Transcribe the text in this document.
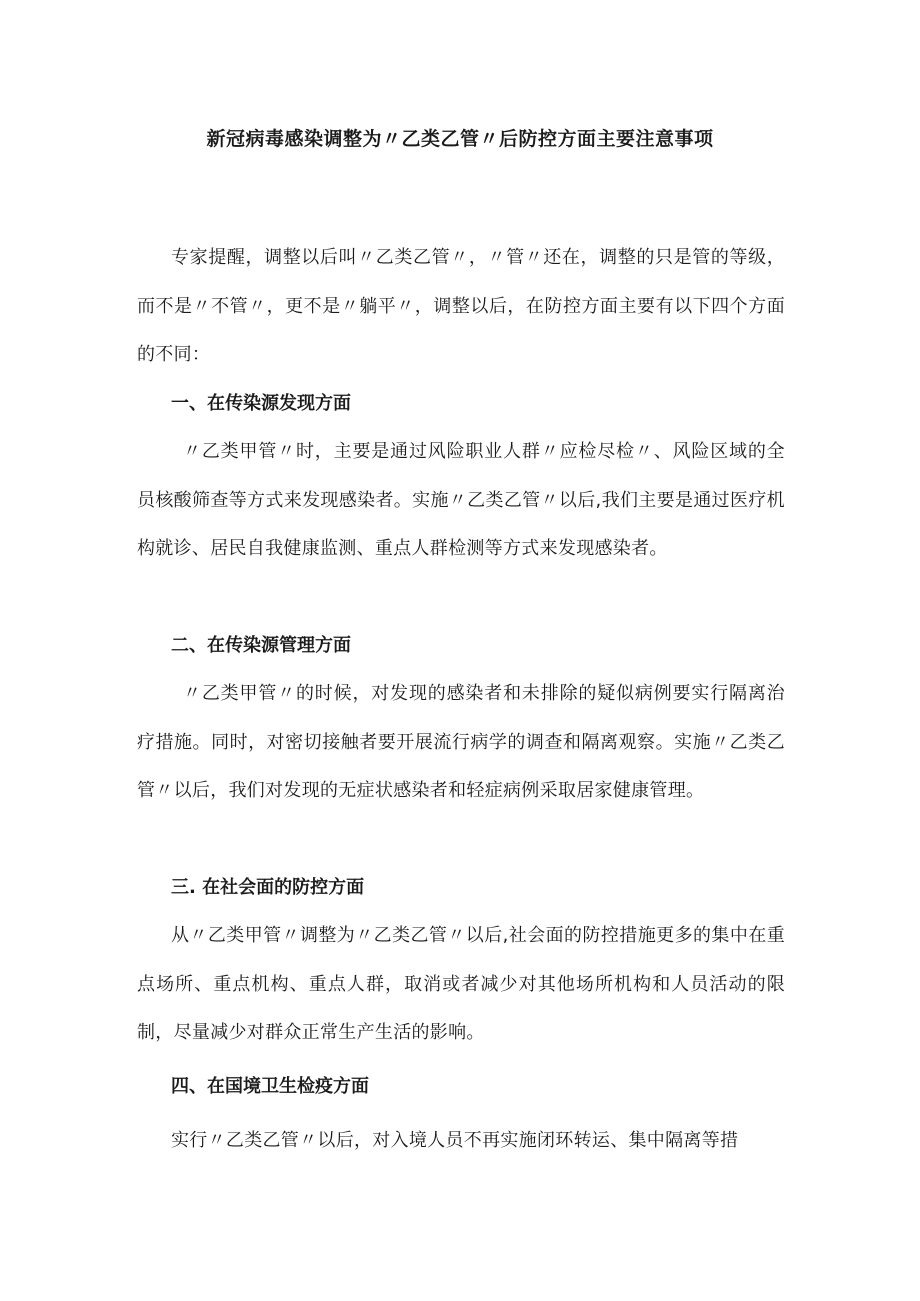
新冠病毒感染调整为〃乙类乙管〃后防控方面主要注意事项
专家提醒，调整以后叫〃乙类乙管〃，〃管〃还在，调整的只是管的等级，而不是〃不管〃，更不是〃躺平〃，调整以后，在防控方面主要有以下四个方面的不同：
一、在传染源发现方面
〃乙类甲管〃时，主要是通过风险职业人群〃应检尽检〃、风险区域的全员核酸筛查等方式来发现感染者。实施〃乙类乙管〃以后,我们主要是通过医疗机构就诊、居民自我健康监测、重点人群检测等方式来发现感染者。
二、在传染源管理方面
〃乙类甲管〃的时候，对发现的感染者和未排除的疑似病例要实行隔离治疗措施。同时，对密切接触者要开展流行病学的调查和隔离观察。实施〃乙类乙管〃以后，我们对发现的无症状感染者和轻症病例采取居家健康管理。
三. 在社会面的防控方面
从〃乙类甲管〃调整为〃乙类乙管〃以后,社会面的防控措施更多的集中在重点场所、重点机构、重点人群，取消或者减少对其他场所机构和人员活动的限制，尽量减少对群众正常生产生活的影响。
四、在国境卫生检疫方面
实行〃乙类乙管〃以后，对入境人员不再实施闭环转运、集中隔离等措
